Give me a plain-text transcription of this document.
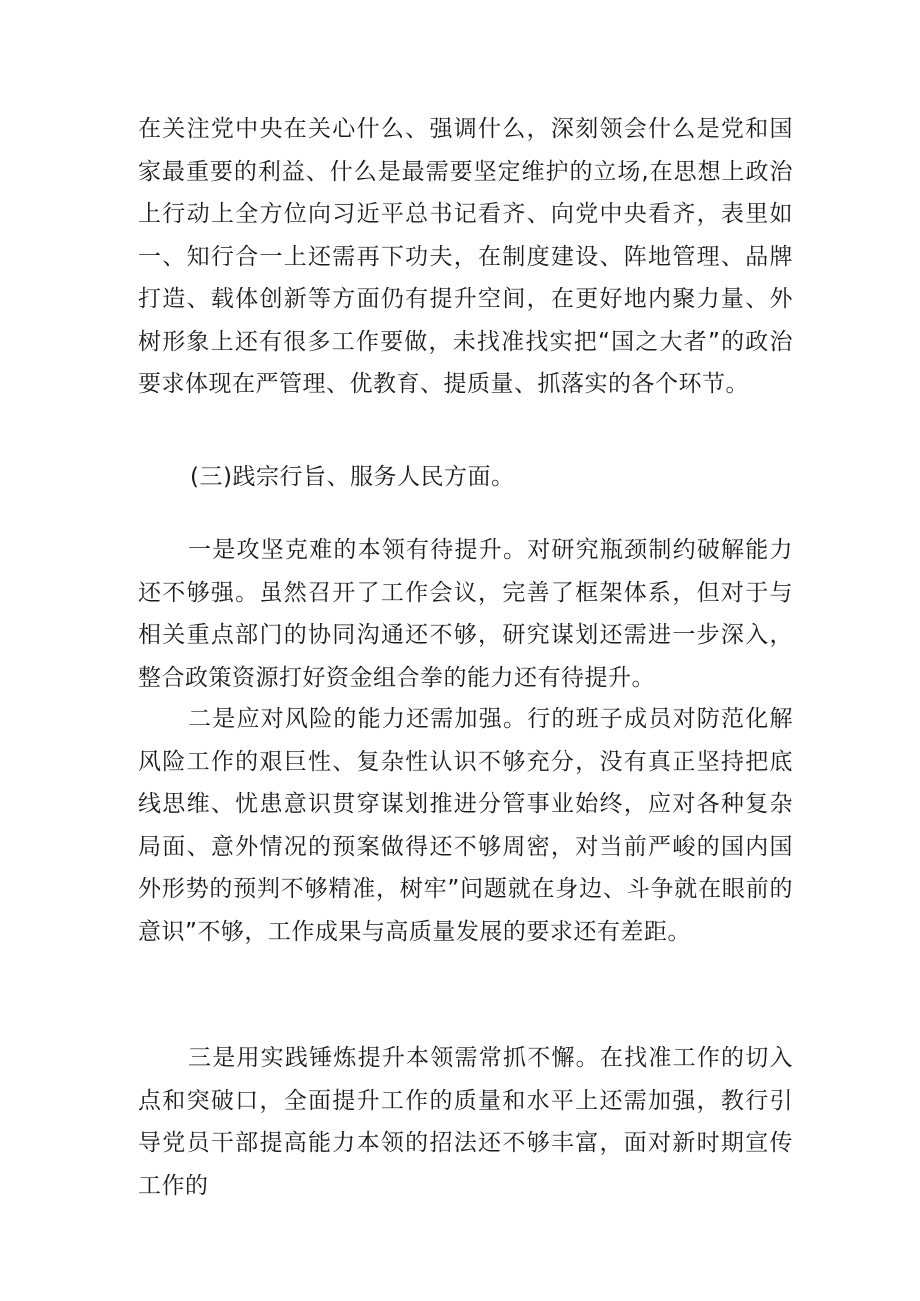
在关注党中央在关心什么、强调什么，深刻领会什么是党和国家最重要的利益、什么是最需要坚定维护的立场,在思想上政治上行动上全方位向习近平总书记看齐、向党中央看齐，表里如一、知行合一上还需再下功夫，在制度建设、阵地管理、品牌打造、载体创新等方面仍有提升空间，在更好地内聚力量、外树形象上还有很多工作要做，未找准找实把“国之大者”的政治要求体现在严管理、优教育、提质量、抓落实的各个环节。

(三)践宗行旨、服务人民方面。

一是攻坚克难的本领有待提升。对研究瓶颈制约破解能力还不够强。虽然召开了工作会议，完善了框架体系，但对于与相关重点部门的协同沟通还不够，研究谋划还需进一步深入，整合政策资源打好资金组合拳的能力还有待提升。

二是应对风险的能力还需加强。行的班子成员对防范化解风险工作的艰巨性、复杂性认识不够充分，没有真正坚持把底线思维、忧患意识贯穿谋划推进分管事业始终，应对各种复杂局面、意外情况的预案做得还不够周密，对当前严峻的国内国外形势的预判不够精准，树牢”问题就在身边、斗争就在眼前的意识”不够，工作成果与高质量发展的要求还有差距。

三是用实践锤炼提升本领需常抓不懈。在找准工作的切入点和突破口，全面提升工作的质量和水平上还需加强，教行引导党员干部提高能力本领的招法还不够丰富，面对新时期宣传工作的
